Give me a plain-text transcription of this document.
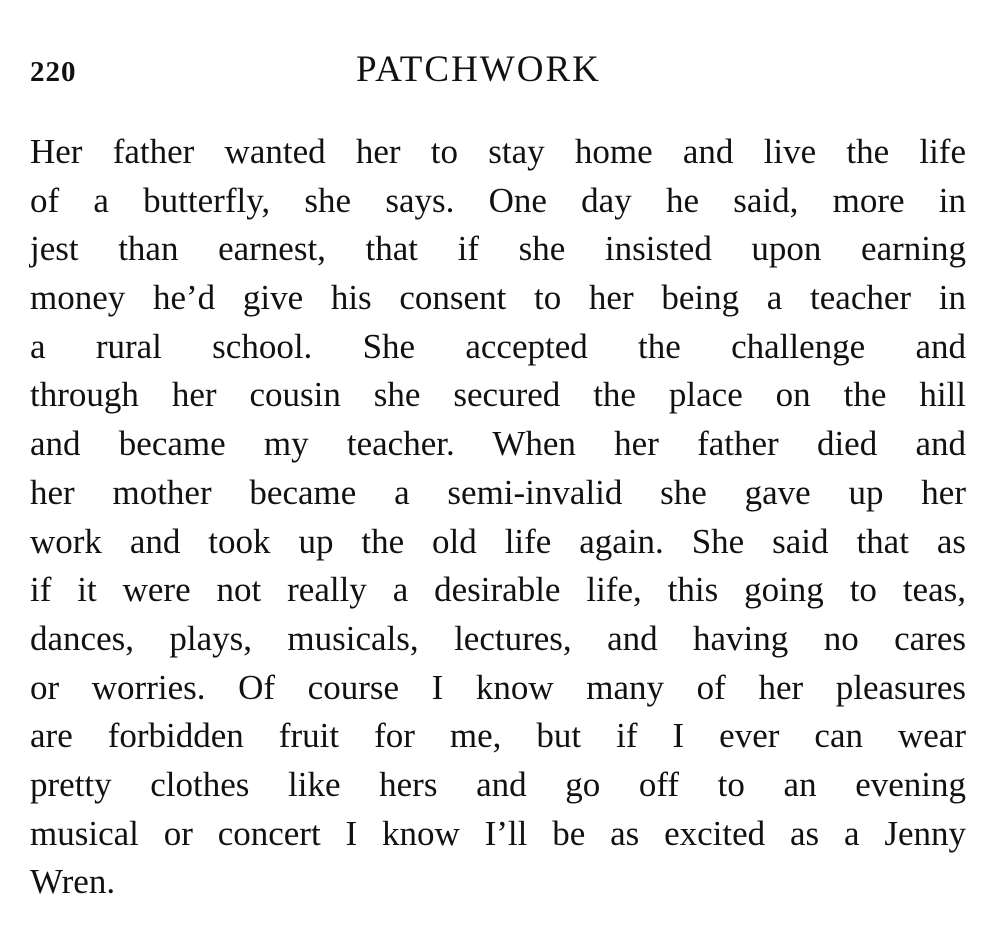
220	PATCHWORK
Her father wanted her to stay home and live the life
of a butterfly, she says. One day he said, more in
jest than earnest, that if she insisted upon earning
money he’d give his consent to her being a teacher in
a rural school. She accepted the challenge and
through her cousin she secured the place on the hill
and became my teacher. When her father died and
her mother became a semi-invalid she gave up her
work and took up the old life again. She said that as
if it were not really a desirable life, this going to teas,
dances, plays, musicals, lectures, and having no cares
or worries. Of course I know many of her pleasures
are forbidden fruit for me, but if I ever can wear
pretty clothes like hers and go off to an evening
musical or concert I know I’ll be as excited as a Jenny
Wren.
